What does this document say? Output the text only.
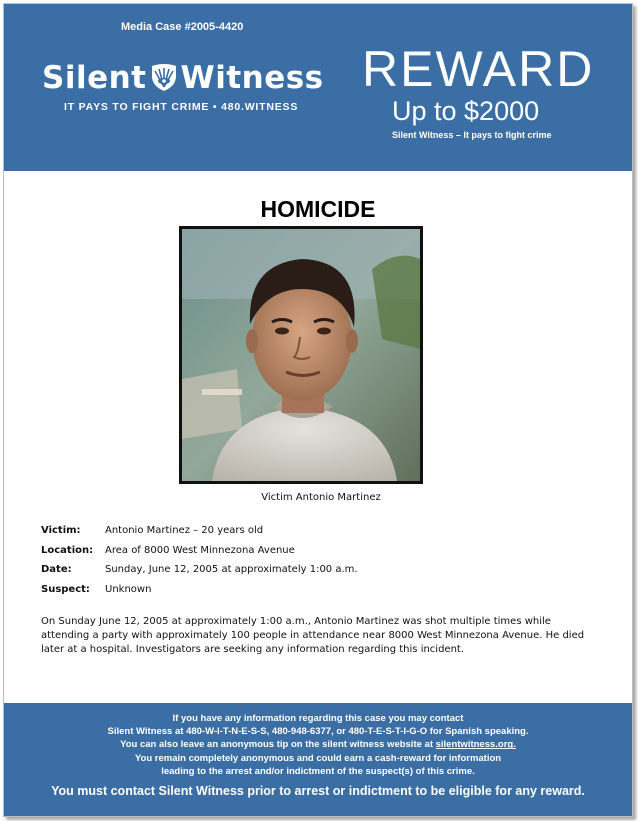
Media Case #2005-4420
Silent Witness
IT PAYS TO FIGHT CRIME • 480.WITNESS
REWARD
Up to $2000
Silent Witness – It pays to fight crime
HOMICIDE
Victim Antonio Martinez
Victim: Antonio Martinez – 20 years old
Location: Area of 8000 West Minnezona Avenue
Date:	Sunday, June 12, 2005 at approximately 1:00 a.m.
Suspect: Unknown
On Sunday June 12, 2005 at approximately 1:00 a.m., Antonio Martinez was shot multiple times while attending a party with approximately 100 people in attendance near 8000 West Minnezona Avenue. He died later at a hospital. Investigators are seeking any information regarding this incident.
If you have any information regarding this case you may contact
Silent Witness at 480-W-I-T-N-E-S-S, 480-948-6377, or 480-T-E-S-T-I-G-O for Spanish speaking.
You can also leave an anonymous tip on the silent witness website at silentwitness.org.
You remain completely anonymous and could earn a cash-reward for information
leading to the arrest and/or indictment of the suspect(s) of this crime.
You must contact Silent Witness prior to arrest or indictment to be eligible for any reward.
